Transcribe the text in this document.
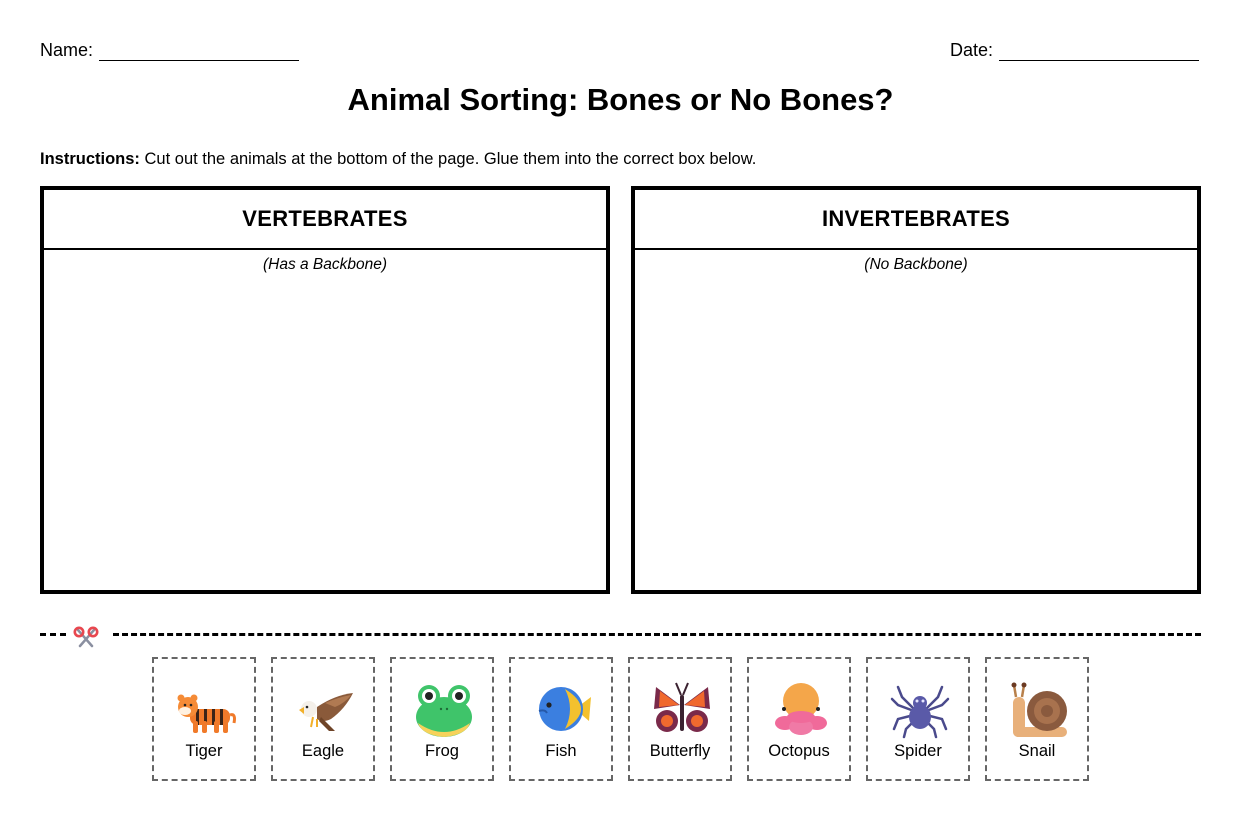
Name:	Date:
Animal Sorting: Bones or No Bones?
Instructions: Cut out the animals at the bottom of the page. Glue them into the correct box below.
VERTEBRATES
(Has a Backbone)
INVERTEBRATES
(No Backbone)
Tiger	Eagle	Frog	Fish	Butterfly	Octopus	Spider	Snail
